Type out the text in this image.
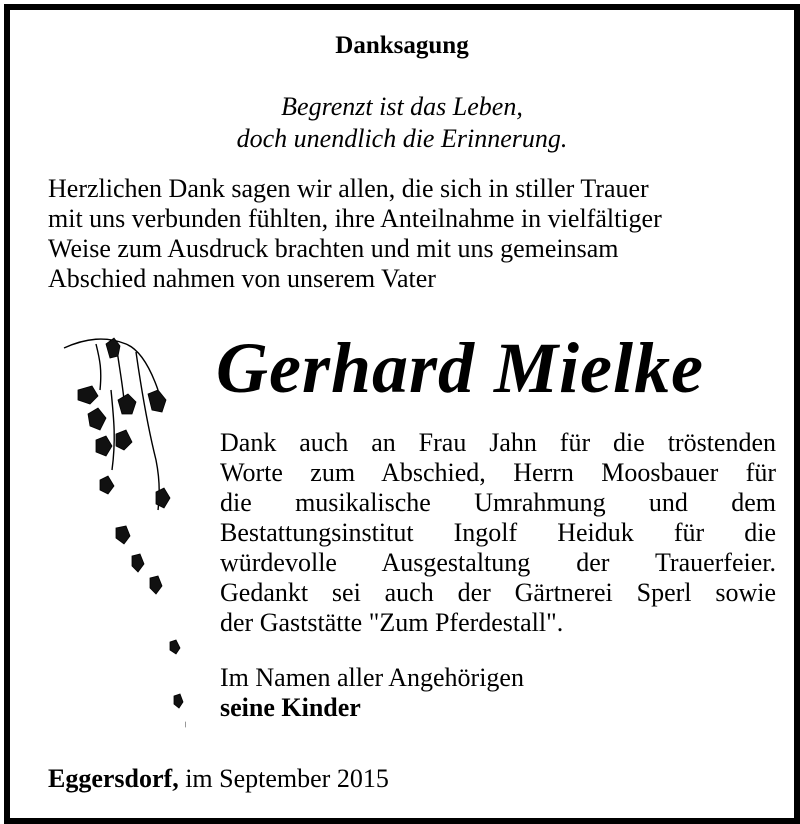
Danksagung
Begrenzt ist das Leben,
doch unendlich die Erinnerung.
Herzlichen Dank sagen wir allen, die sich in stiller Trauer
mit uns verbunden fühlten, ihre Anteilnahme in vielfältiger
Weise zum Ausdruck brachten und mit uns gemeinsam
Abschied nahmen von unserem Vater
Gerhard Mielke
Dank auch an Frau Jahn für die tröstenden
Worte zum Abschied, Herrn Moosbauer für
die musikalische Umrahmung und dem
Bestattungsinstitut Ingolf Heiduk für die
würdevolle Ausgestaltung der Trauerfeier.
Gedankt sei auch der Gärtnerei Sperl sowie
der Gaststätte "Zum Pferdestall".
Im Namen aller Angehörigen
seine Kinder
Eggersdorf, im September 2015
